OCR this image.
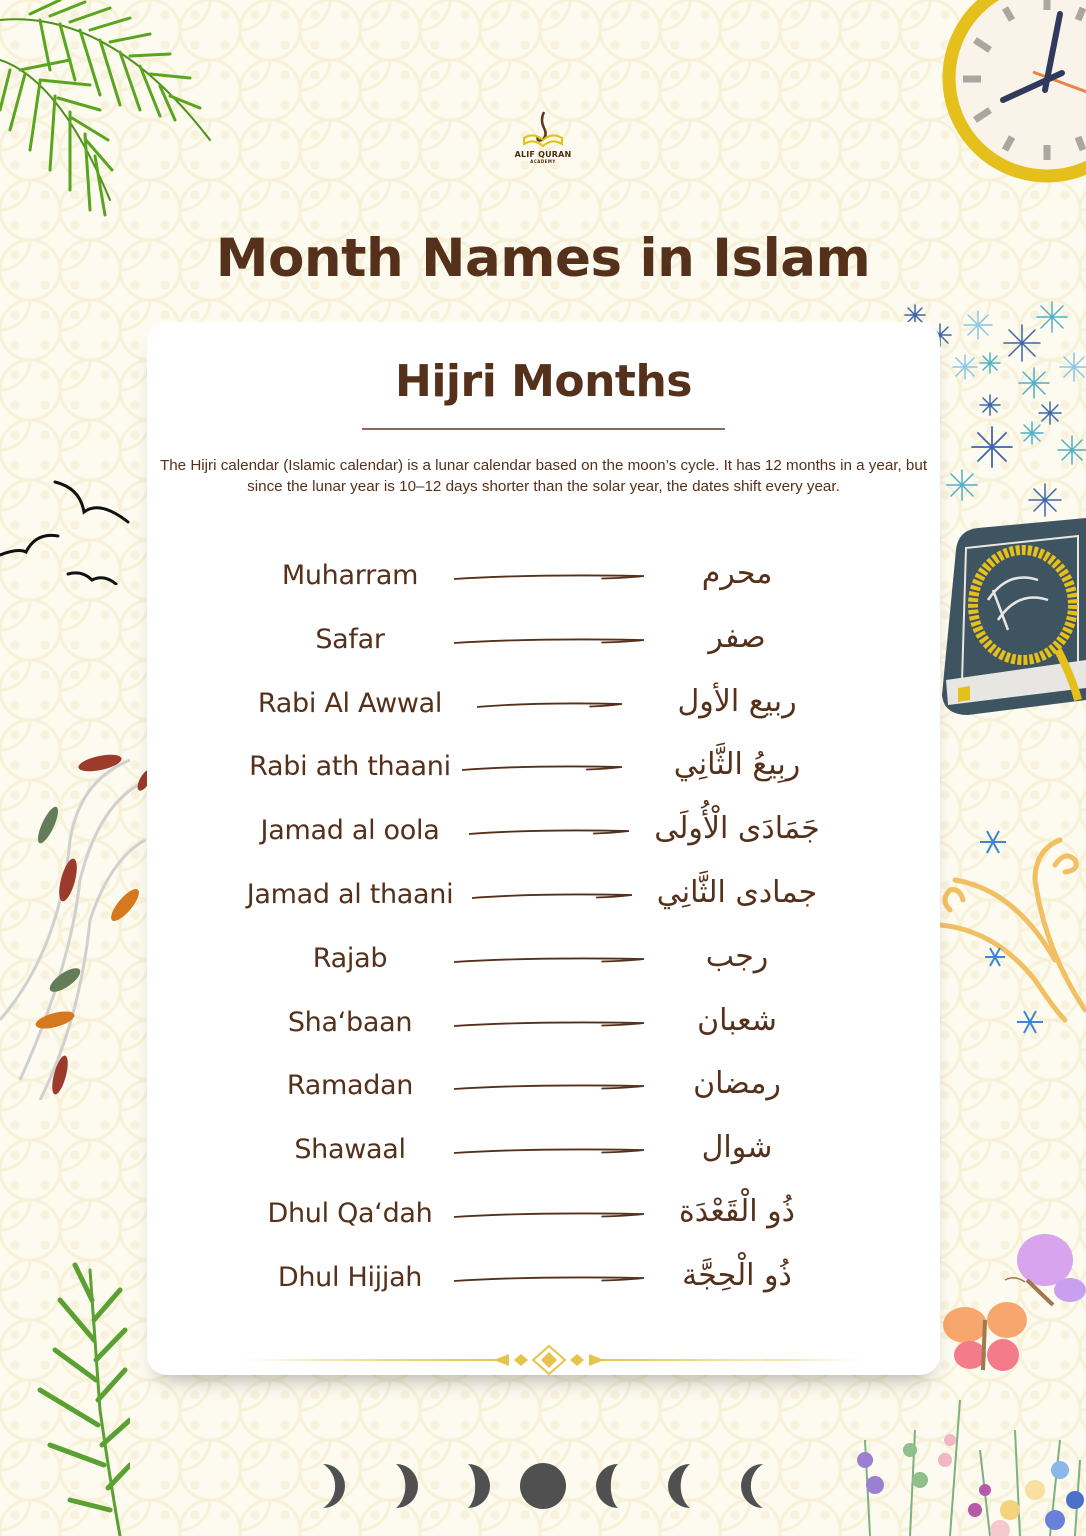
ALIF QURAN
ACADEMY
Month Names in Islam
Hijri Months

The Hijri calendar (Islamic calendar) is a lunar calendar based on the moon’s cycle. It has 12 months in a year, but since the lunar year is 10–12 days shorter than the solar year, the dates shift every year.

Muharram	محرم
Safar	صفر
Rabi Al Awwal	ربيع الأول
Rabi ath thaani	ربِيعُ الثَّانِي
Jamad al oola	جَمَادَى الْأُولَى
Jamad al thaani	جمادى الثَّانِي
Rajab	رجب
Sha‘baan	شعبان
Ramadan	رمضان
Shawaal	شوال
Dhul Qa‘dah	ذُو الْقَعْدَة
Dhul Hijjah	ذُو الْحِجَّة
